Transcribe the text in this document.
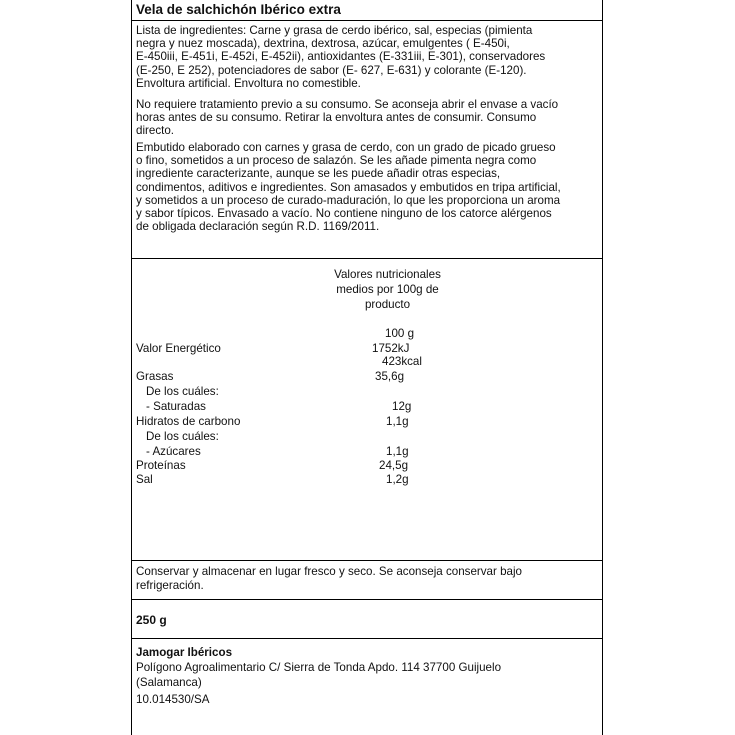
Vela de salchichón Ibérico extra
Lista de ingredientes: Carne y grasa de cerdo ibérico, sal, especias (pimienta
negra y nuez moscada), dextrina, dextrosa, azúcar, emulgentes ( E-450i,
E-450iii, E-451i, E-452i, E-452ii), antioxidantes (E-331iii, E-301), conservadores
(E-250, E 252), potenciadores de sabor (E- 627, E-631) y colorante (E-120).
Envoltura artificial. Envoltura no comestible.
No requiere tratamiento previo a su consumo. Se aconseja abrir el envase a vacío
horas antes de su consumo. Retirar la envoltura antes de consumir. Consumo
directo.
Embutido elaborado con carnes y grasa de cerdo, con un grado de picado grueso
o fino, sometidos a un proceso de salazón. Se les añade pimenta negra como
ingrediente caracterizante, aunque se les puede añadir otras especias,
condimentos, aditivos e ingredientes. Son amasados y embutidos en tripa artificial,
y sometidos a un proceso de curado-maduración, lo que les proporciona un aroma
y sabor típicos. Envasado a vacío. No contiene ninguno de los catorce alérgenos
de obligada declaración según R.D. 1169/2011.
Valores nutricionales
medios por 100g de
producto
100 g
Valor Energético	1752kJ
423kcal
Grasas	35,6g
De los cuáles:
- Saturadas	12g
Hidratos de carbono	1,1g
De los cuáles:
- Azúcares	1,1g
Proteínas	24,5g
Sal	1,2g
Conservar y almacenar en lugar fresco y seco. Se aconseja conservar bajo
refrigeración.
250 g
Jamogar Ibéricos
Polígono Agroalimentario C/ Sierra de Tonda Apdo. 114 37700 Guijuelo
(Salamanca)
10.014530/SA
